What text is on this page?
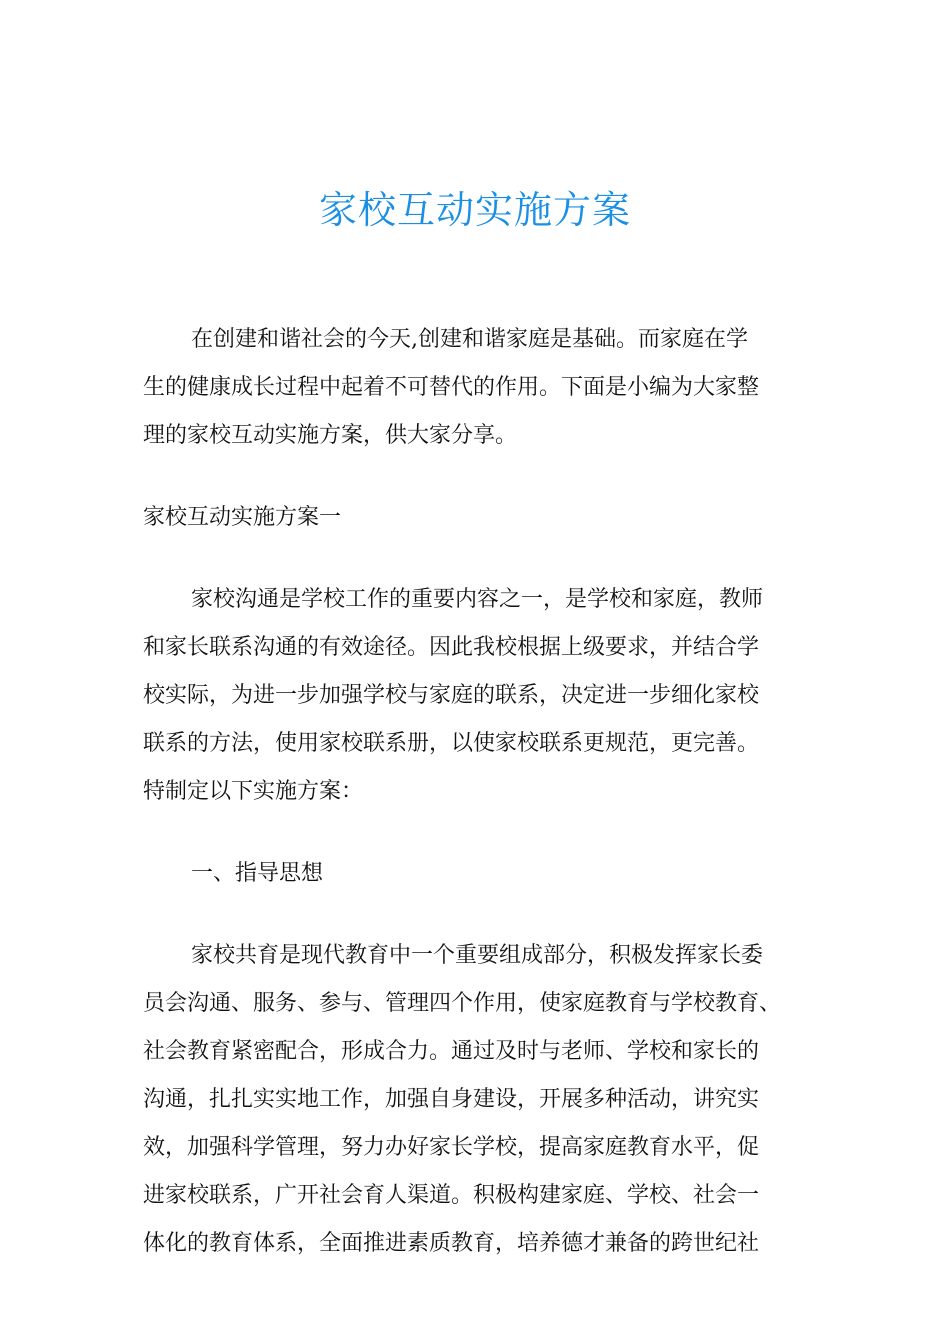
家校互动实施方案
在创建和谐社会的今天,创建和谐家庭是基础。而家庭在学
生的健康成长过程中起着不可替代的作用。下面是小编为大家整
理的家校互动实施方案，供大家分享。
家校互动实施方案一
家校沟通是学校工作的重要内容之一，是学校和家庭，教师
和家长联系沟通的有效途径。因此我校根据上级要求，并结合学
校实际，为进一步加强学校与家庭的联系，决定进一步细化家校
联系的方法，使用家校联系册，以使家校联系更规范，更完善。
特制定以下实施方案：
一、指导思想
家校共育是现代教育中一个重要组成部分，积极发挥家长委
员会沟通、服务、参与、管理四个作用，使家庭教育与学校教育、
社会教育紧密配合，形成合力。通过及时与老师、学校和家长的
沟通，扎扎实实地工作，加强自身建设，开展多种活动，讲究实
效，加强科学管理，努力办好家长学校，提高家庭教育水平，促
进家校联系，广开社会育人渠道。积极构建家庭、学校、社会一
体化的教育体系，全面推进素质教育，培养德才兼备的跨世纪社
